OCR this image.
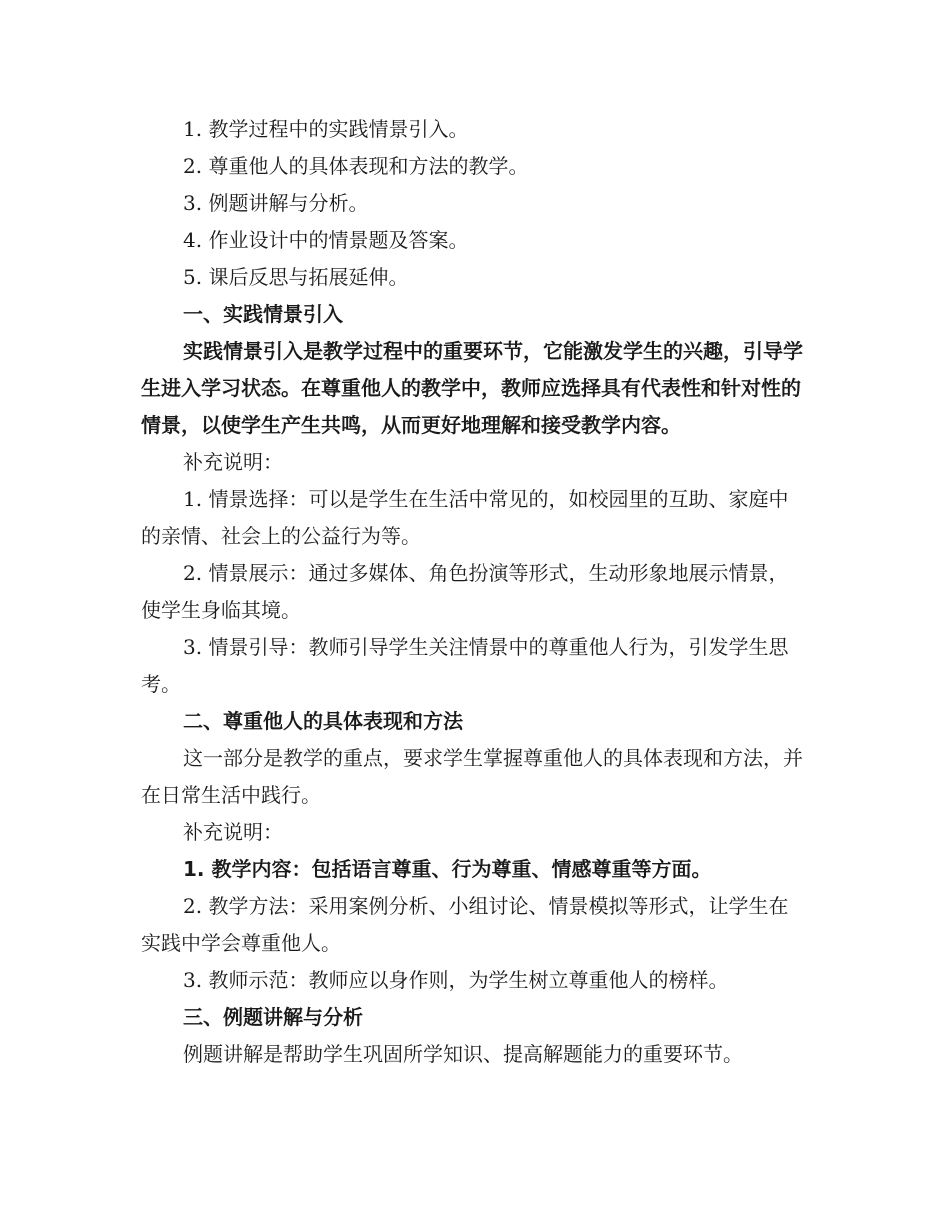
1. 教学过程中的实践情景引入。
2. 尊重他人的具体表现和方法的教学。
3. 例题讲解与分析。
4. 作业设计中的情景题及答案。
5. 课后反思与拓展延伸。
一、实践情景引入

实践情景引入是教学过程中的重要环节，它能激发学生的兴趣，引导学生进入学习状态。在尊重他人的教学中，教师应选择具有代表性和针对性的情景，以使学生产生共鸣，从而更好地理解和接受教学内容。

补充说明：

1. 情景选择：可以是学生在生活中常见的，如校园里的互助、家庭中的亲情、社会上的公益行为等。

2. 情景展示：通过多媒体、角色扮演等形式，生动形象地展示情景，使学生身临其境。

3. 情景引导：教师引导学生关注情景中的尊重他人行为，引发学生思考。

二、尊重他人的具体表现和方法

这一部分是教学的重点，要求学生掌握尊重他人的具体表现和方法，并在日常生活中践行。

补充说明：

1. 教学内容：包括语言尊重、行为尊重、情感尊重等方面。

2. 教学方法：采用案例分析、小组讨论、情景模拟等形式，让学生在实践中学会尊重他人。

3. 教师示范：教师应以身作则，为学生树立尊重他人的榜样。

三、例题讲解与分析

例题讲解是帮助学生巩固所学知识、提高解题能力的重要环节。
